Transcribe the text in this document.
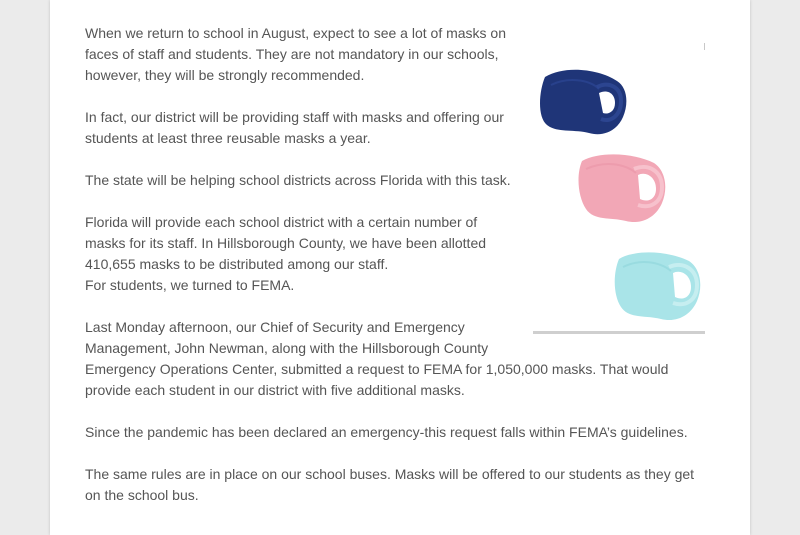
When we return to school in August, expect to see a lot of masks on faces of staff and students. They are not mandatory in our schools, however, they will be strongly recommended.

In fact, our district will be providing staff with masks and offering our students at least three reusable masks a year.

The state will be helping school districts across Florida with this task.

Florida will provide each school district with a certain number of masks for its staff. In Hillsborough County, we have been allotted 410,655 masks to be distributed among our staff.
For students, we turned to FEMA.

Last Monday afternoon, our Chief of Security and Emergency Management, John Newman, along with the Hillsborough County Emergency Operations Center, submitted a request to FEMA for 1,050,000 masks. That would provide each student in our district with five additional masks.

Since the pandemic has been declared an emergency-this request falls within FEMA’s guidelines.

The same rules are in place on our school buses. Masks will be offered to our students as they get on the school bus.
